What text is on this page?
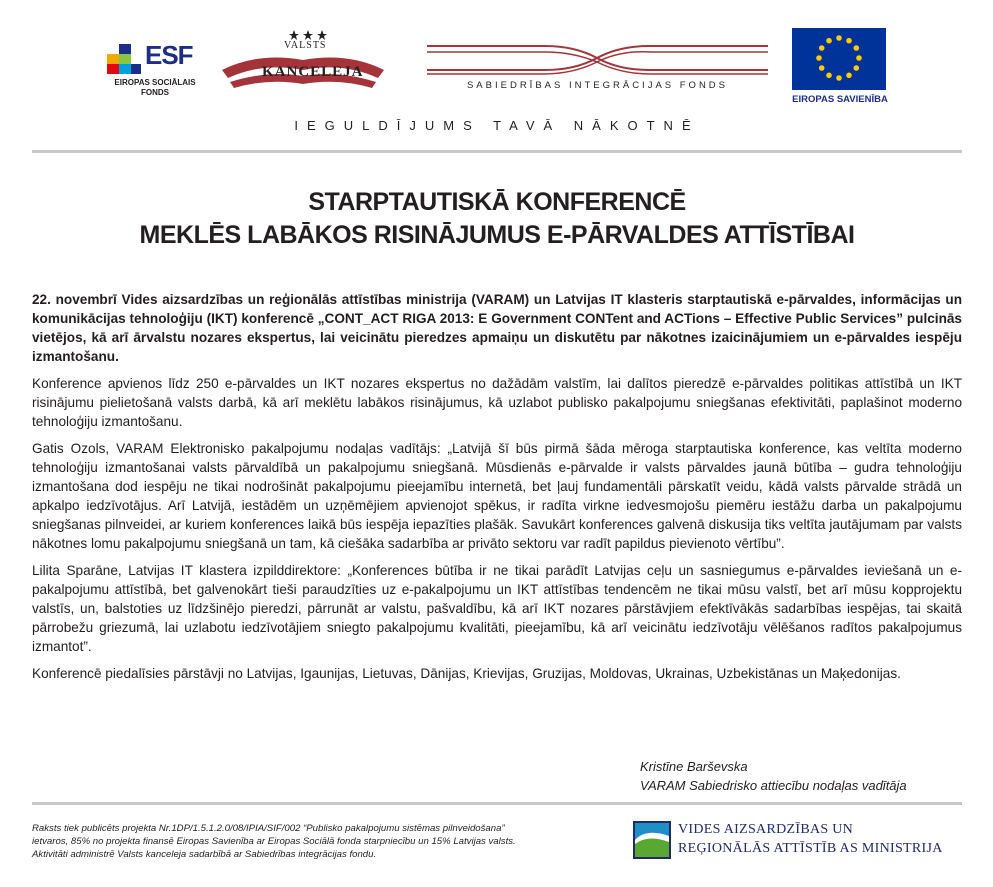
ESF
EIROPAS SOCIĀLAIS FONDS
VALSTS
KANCELEJA
SABIEDRĪBAS INTEGRĀCIJAS FONDS
EIROPAS SAVIENĪBA
IEGULDĪJUMS TAVĀ NĀKOTNĒ
STARPTAUTISKĀ KONFERENCĒ
MEKLĒS LABĀKOS RISINĀJUMUS E-PĀRVALDES ATTĪSTĪBAI

22. novembrī Vides aizsardzības un reģionālās attīstības ministrija (VARAM) un Latvijas IT klasteris starptautiskā e-pārvaldes, informācijas un komunikācijas tehnoloģiju (IKT) konferencē „CONT_ACT RIGA 2013: E Government CONTent and ACTions – Effective Public Services” pulcinās vietējos, kā arī ārvalstu nozares ekspertus, lai veicinātu pieredzes apmaiņu un diskutētu par nākotnes izaicinājumiem un e-pārvaldes iespēju izmantošanu.

Konference apvienos līdz 250 e-pārvaldes un IKT nozares ekspertus no dažādām valstīm, lai dalītos pieredzē e-pārvaldes politikas attīstībā un IKT risinājumu pielietošanā valsts darbā, kā arī meklētu labākos risinājumus, kā uzlabot publisko pakalpojumu sniegšanas efektivitāti, paplašinot moderno tehnoloģiju izmantošanu.

Gatis Ozols, VARAM Elektronisko pakalpojumu nodaļas vadītājs: „Latvijā šī būs pirmā šāda mēroga starptautiska konference, kas veltīta moderno tehnoloģiju izmantošanai valsts pārvaldībā un pakalpojumu sniegšanā. Mūsdienās e-pārvalde ir valsts pārvaldes jaunā būtība – gudra tehnoloģiju izmantošana dod iespēju ne tikai nodrošināt pakalpojumu pieejamību internetā, bet ļauj fundamentāli pārskatīt veidu, kādā valsts pārvalde strādā un apkalpo iedzīvotājus. Arī Latvijā, iestādēm un uzņēmējiem apvienojot spēkus, ir radīta virkne iedvesmojošu piemēru iestāžu darba un pakalpojumu sniegšanas pilnveidei, ar kuriem konferences laikā būs iespēja iepazīties plašāk. Savukārt konferences galvenā diskusija tiks veltīta jautājumam par valsts nākotnes lomu pakalpojumu sniegšanā un tam, kā ciešāka sadarbība ar privāto sektoru var radīt papildus pievienoto vērtību”.

Lilita Sparāne, Latvijas IT klastera izpilddirektore: „Konferences būtība ir ne tikai parādīt Latvijas ceļu un sasniegumus e-pārvaldes ieviešanā un e-pakalpojumu attīstībā, bet galvenokārt tieši paraudzīties uz e-pakalpojumu un IKT attīstības tendencēm ne tikai mūsu valstī, bet arī mūsu kopprojektu valstīs, un, balstoties uz līdzšinējo pieredzi, pārrunāt ar valstu, pašvaldību, kā arī IKT nozares pārstāvjiem efektīvākās sadarbības iespējas, tai skaitā pārrobežu griezumā, lai uzlabotu iedzīvotājiem sniegto pakalpojumu kvalitāti, pieejamību, kā arī veicinātu iedzīvotāju vēlēšanos radītos pakalpojumus izmantot”.

Konferencē piedalīsies pārstāvji no Latvijas, Igaunijas, Lietuvas, Dānijas, Krievijas, Gruzijas, Moldovas, Ukrainas, Uzbekistānas un Maķedonijas.

Kristīne Barševska
VARAM Sabiedrisko attiecību nodaļas vadītāja
Raksts tiek publicēts projekta Nr.1DP/1.5.1.2.0/08/IPIA/SIF/002 “Publisko pakalpojumu sistēmas pilnveidošana”
ietvaros, 85% no projekta finansē Eiropas Savienība ar Eiropas Sociālā fonda starpniecību un 15% Latvijas valsts.
Aktivitāti administrē Valsts kanceleja sadarbībā ar Sabiedrības integrācijas fondu.
VIDES AIZSARDZĪBAS UN
REĢIONĀLĀS ATTĪSTĪB AS MINISTRIJA
